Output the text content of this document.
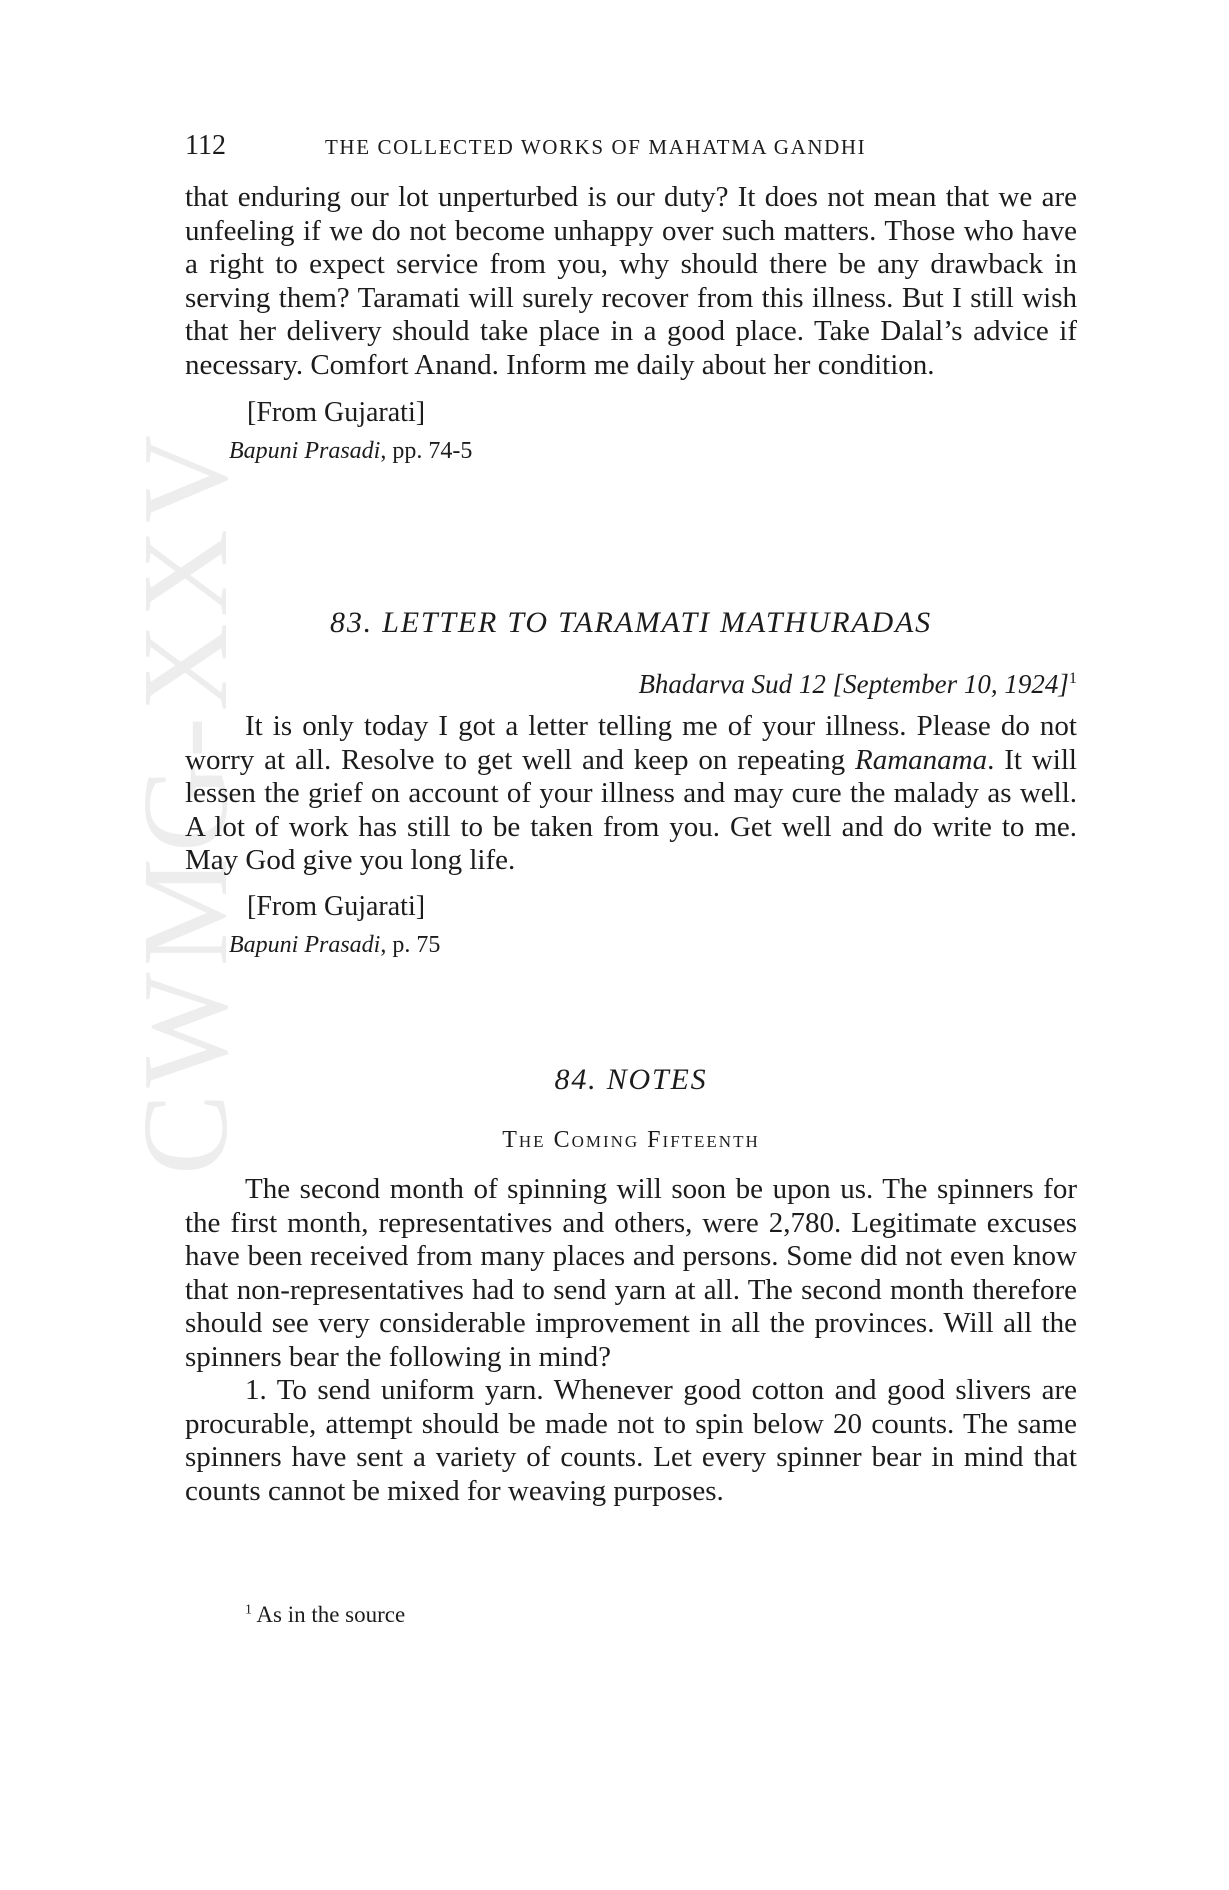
CWMG-XXV
112	THE COLLECTED WORKS OF MAHATMA GANDHI

that enduring our lot unperturbed is our duty? It does not mean that we are unfeeling if we do not become unhappy over such matters. Those who have a right to expect service from you, why should there be any drawback in serving them? Taramati will surely recover from this illness. But I still wish that her delivery should take place in a good place. Take Dalal’s advice if necessary. Comfort Anand. Inform me daily about her condition.

[From Gujarati]
Bapuni Prasadi, pp. 74-5
83. LETTER TO TARAMATI MATHURADAS
Bhadarva Sud 12 [September 10, 1924]$^1$

It is only today I got a letter telling me of your illness. Please do not worry at all. Resolve to get well and keep on repeating Ramanama. It will lessen the grief on account of your illness and may cure the malady as well. A lot of work has still to be taken from you. Get well and do write to me. May God give you long life.

[From Gujarati]
Bapuni Prasadi, p. 75
84. NOTES
The Coming Fifteenth

The second month of spinning will soon be upon us. The spinners for the first month, representatives and others, were 2,780. Legitimate excuses have been received from many places and persons. Some did not even know that non-representatives had to send yarn at all. The second month therefore should see very considerable improvement in all the provinces. Will all the spinners bear the following in mind?

1. To send uniform yarn. Whenever good cotton and good slivers are procurable, attempt should be made not to spin below 20 counts. The same spinners have sent a variety of counts. Let every spinner bear in mind that counts cannot be mixed for weaving purposes.

$^1$ As in the source
